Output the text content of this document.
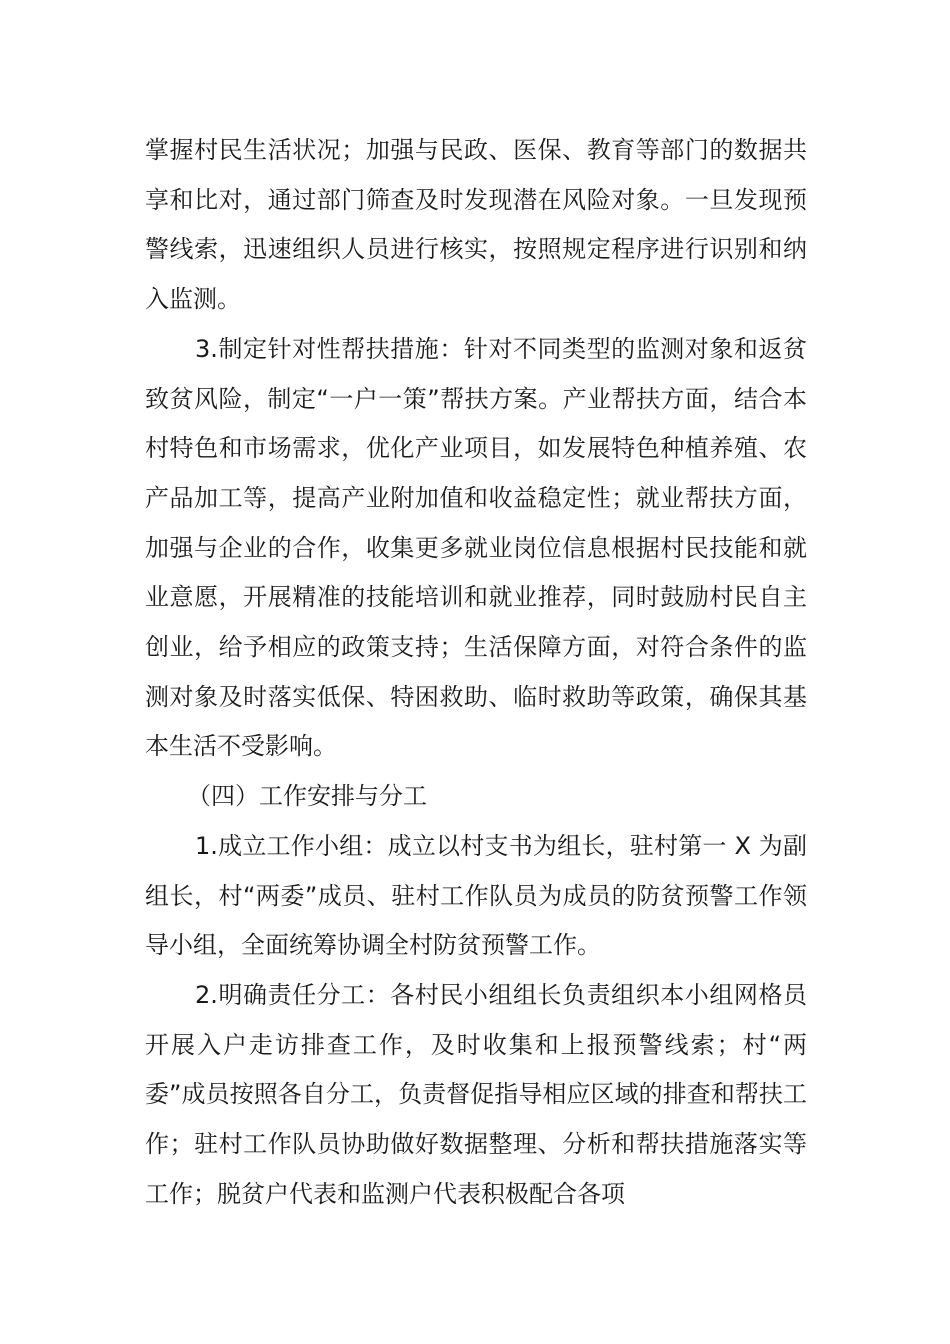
掌握村民生活状况；加强与民政、医保、教育等部门的数据共享和比对，通过部门筛查及时发现潜在风险对象。一旦发现预警线索，迅速组织人员进行核实，按照规定程序进行识别和纳入监测。

3.制定针对性帮扶措施：针对不同类型的监测对象和返贫致贫风险，制定“一户一策”帮扶方案。产业帮扶方面，结合本村特色和市场需求，优化产业项目，如发展特色种植养殖、农产品加工等，提高产业附加值和收益稳定性；就业帮扶方面，加强与企业的合作，收集更多就业岗位信息根据村民技能和就业意愿，开展精准的技能培训和就业推荐，同时鼓励村民自主创业，给予相应的政策支持；生活保障方面，对符合条件的监测对象及时落实低保、特困救助、临时救助等政策，确保其基本生活不受影响。

（四）工作安排与分工

1.成立工作小组：成立以村支书为组长，驻村第一 X 为副组长，村“两委”成员、驻村工作队员为成员的防贫预警工作领导小组，全面统筹协调全村防贫预警工作。

2.明确责任分工：各村民小组组长负责组织本小组网格员开展入户走访排查工作，及时收集和上报预警线索；村“两委”成员按照各自分工，负责督促指导相应区域的排查和帮扶工作；驻村工作队员协助做好数据整理、分析和帮扶措施落实等工作；脱贫户代表和监测户代表积极配合各项
